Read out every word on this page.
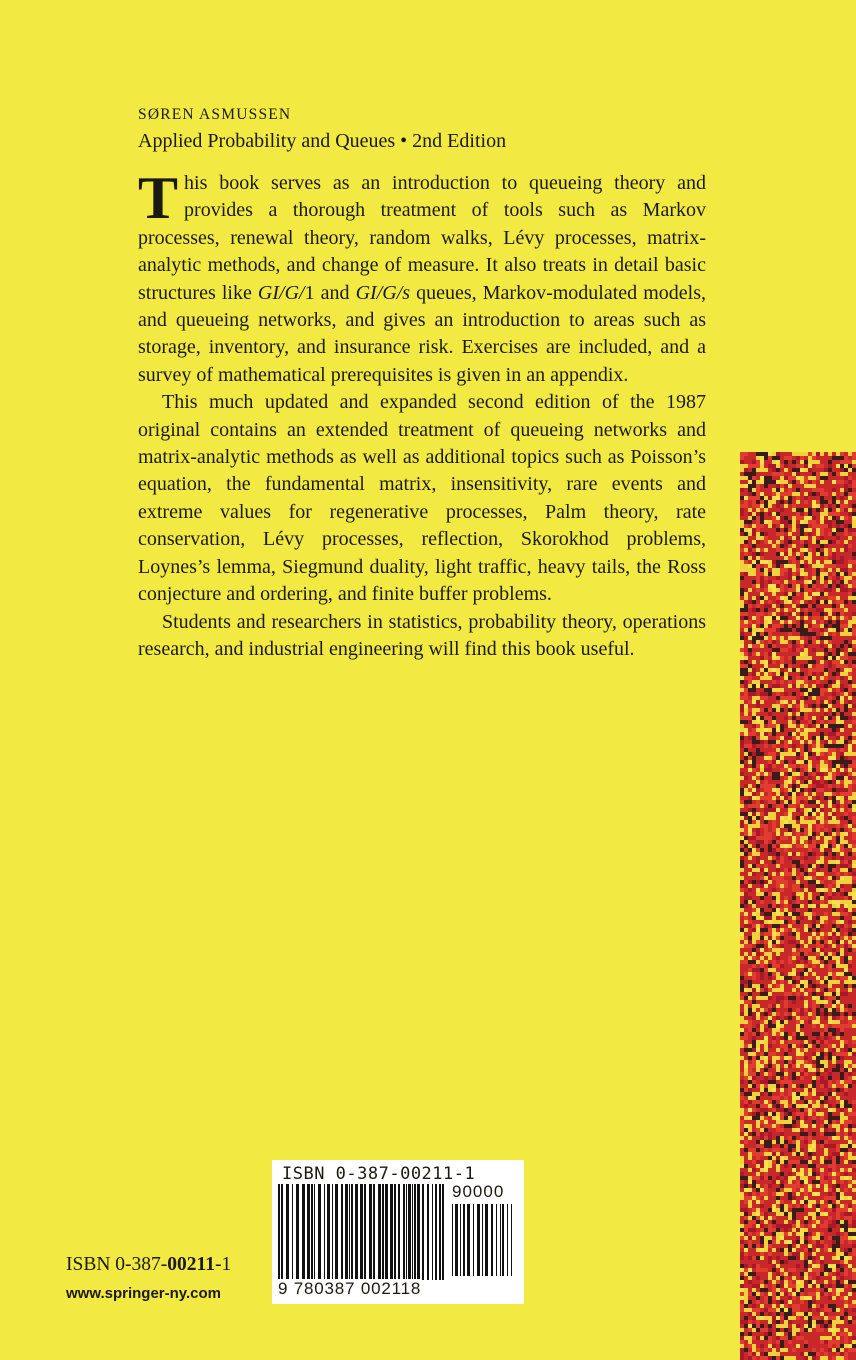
SØREN ASMUSSEN
Applied Probability and Queues • 2nd Edition

This book serves as an introduction to queueing theory and provides a thorough treatment of tools such as Markov processes, renewal theory, random walks, Lévy processes, matrix-analytic methods, and change of measure. It also treats in detail basic structures like GI/G/1 and GI/G/s queues, Markov-modulated models, and queueing networks, and gives an introduction to areas such as storage, inventory, and insurance risk. Exercises are included, and a survey of mathematical prerequisites is given in an appendix.

This much updated and expanded second edition of the 1987 original contains an extended treatment of queueing networks and matrix-analytic methods as well as additional topics such as Poisson’s equation, the fundamental matrix, insensitivity, rare events and extreme values for regenerative processes, Palm theory, rate conservation, Lévy processes, reflection, Skorokhod problems, Loynes’s lemma, Siegmund duality, light traffic, heavy tails, the Ross conjecture and ordering, and finite buffer problems.

Students and researchers in statistics, probability theory, operations research, and industrial engineering will find this book useful.

ISBN 0-387-00211-1
www.springer-ny.com
ISBN 0-387-00211-1
90000
9 780387 002118
